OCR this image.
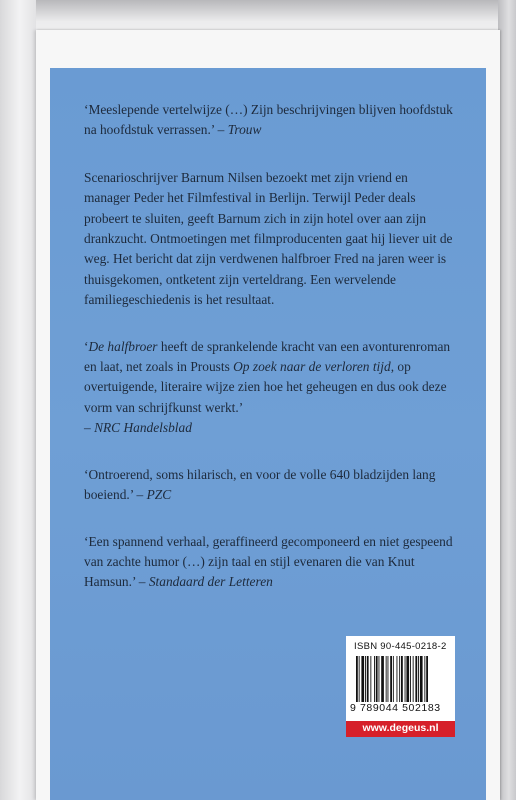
‘Meeslepende vertelwijze (…) Zijn beschrijvingen blijven hoofdstuk na hoofdstuk verrassen.’ – Trouw

Scenarioschrijver Barnum Nilsen bezoekt met zijn vriend en manager Peder het Filmfestival in Berlijn. Terwijl Peder deals probeert te sluiten, geeft Barnum zich in zijn hotel over aan zijn drankzucht. Ontmoetingen met filmproducenten gaat hij liever uit de weg. Het bericht dat zijn verdwenen halfbroer Fred na jaren weer is thuisgekomen, ontketent zijn verteldrang. Een wervelende familiegeschiedenis is het resultaat.

‘De halfbroer heeft de sprankelende kracht van een avonturenroman en laat, net zoals in Prousts Op zoek naar de verloren tijd, op overtuigende, literaire wijze zien hoe het geheugen en dus ook deze vorm van schrijfkunst werkt.’
– NRC Handelsblad

‘Ontroerend, soms hilarisch, en voor de volle 640 bladzijden lang boeiend.’ – PZC

‘Een spannend verhaal, geraffineerd gecomponeerd en niet gespeend van zachte humor (…) zijn taal en stijl evenaren die van Knut Hamsun.’ – Standaard der Letteren

ISBN 90-445-0218-2
9 789044 502183
www.degeus.nl
